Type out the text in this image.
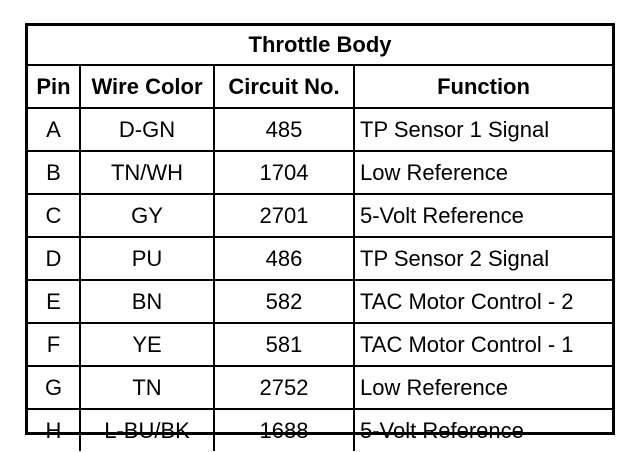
Throttle Body			
Pin	Wire Color	Circuit No.	Function
A	D-GN	485	TP Sensor 1 Signal
B	TN/WH	1704	Low Reference
C	GY	2701	5-Volt Reference
D	PU	486	TP Sensor 2 Signal
E	BN	582	TAC Motor Control - 2
F	YE	581	TAC Motor Control - 1
G	TN	2752	Low Reference
H	L-BU/BK	1688	5-Volt Reference
